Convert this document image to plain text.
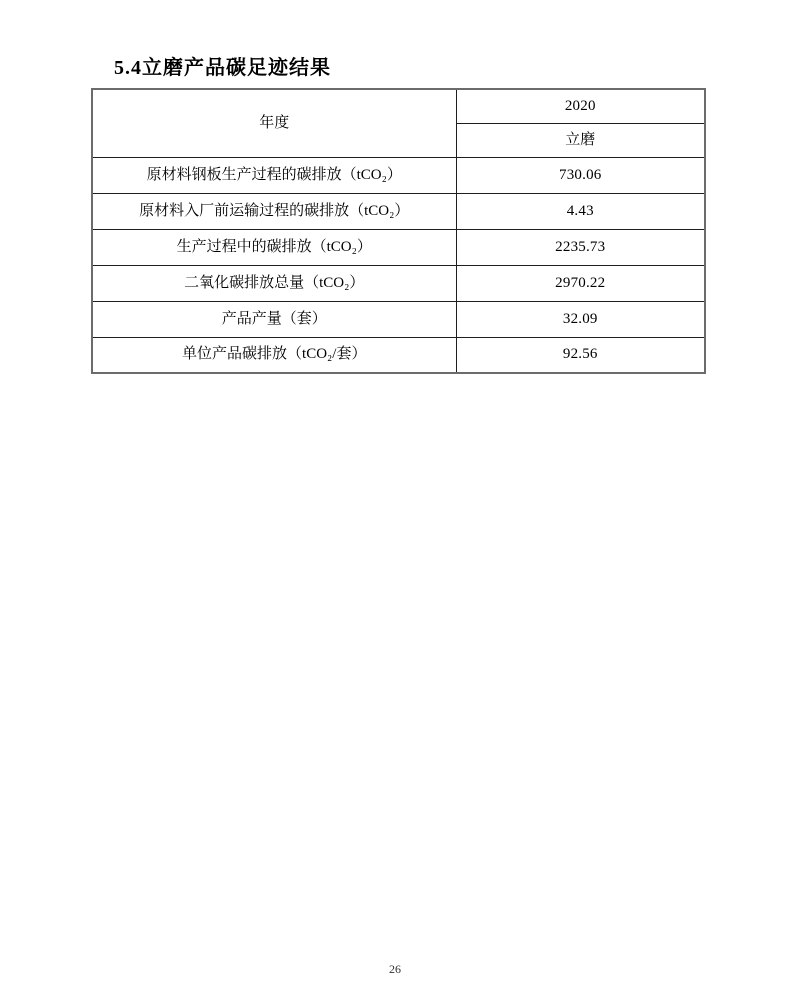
5.4立磨产品碳足迹结果
年度	2020
	立磨
原材料钢板生产过程的碳排放（tCO₂）	730.06
原材料入厂前运输过程的碳排放（tCO₂）	4.43
生产过程中的碳排放（tCO₂）	2235.73
二氧化碳排放总量（tCO₂）	2970.22
产品产量（套）	32.09
单位产品碳排放（tCO₂/套）	92.56
26
